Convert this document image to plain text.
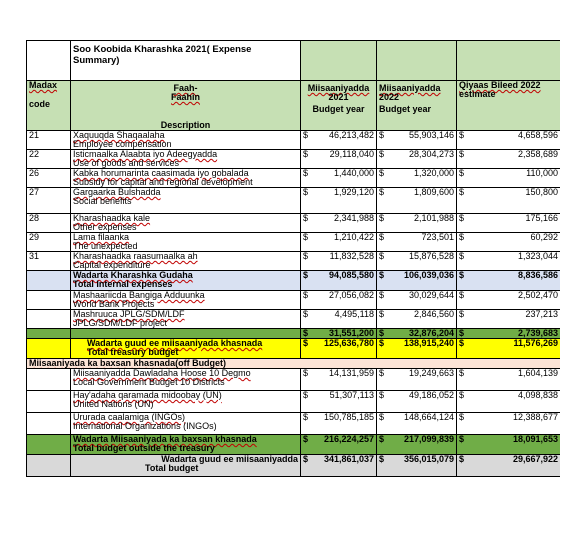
	Soo Koobida Kharashka 2021( Expense Summary)			

Madax
code	Faah-
Faahin
Description	Miisaaniyadda
2021
Budget year	Miisaaniyadda
2022
Budget year	Qiyaas Bileed 2022
estimate

21	Xaquuqda Shaqaalaha
Employee compensation	$ 46,213,482	$ 55,903,146	$ 4,658,596

22	Isticmaalka Alaabta iyo Adeegyadda
Use of goods and services	$ 29,118,040	$ 28,304,273	$ 2,358,689

26	Kabka horumarinta caasimada iyo gobalada
Subsidy for capital and regional development	$ 1,440,000	$ 1,320,000	$ 110,000

27	Gargaarka Bulshadda
Social benefits	$ 1,929,120	$ 1,809,600	$ 150,800

28	Kharashaadka kale
Other expenses	$ 2,341,988	$ 2,101,988	$ 175,166

29	Lama filaanka
The unexpected	$ 1,210,422	$ 723,501	$ 60,292

31	Kharashaadka raasumaalka ah
Capital expenditure	$ 11,832,528	$ 15,876,528	$ 1,323,044

	Wadarta Kharashka Gudaha
Total Internal expenses	$ 94,085,580	$ 106,039,036	$ 8,836,586

	Mashaariicda Bangiga Adduunka
World Bank Projects	$ 27,056,082	$ 30,029,644	$ 2,502,470

	Mashruuca JPLG/SDM/LDF
JPLG/SDM/LDF project	$ 4,495,118	$ 2,846,560	$ 237,213

		$ 31,551,200	$ 32,876,204	$ 2,739,683

	Wadarta guud ee miisaaniyada khasnada
Total treasury budget	$ 125,636,780	$ 138,915,240	$ 11,576,269

Miisaaniyada ka baxsan khasnada(off Budget)				

	Miisaaniyadda Dawladaha Hoose 10 Degmo
Local Government Budget 10 Districts	$ 14,131,959	$ 19,249,663	$ 1,604,139

	Hay'adaha qaramada midoobay (UN)
United Nations (UN)	$ 51,307,113	$ 49,186,052	$ 4,098,838

	Ururada caalamiga (INGOs)
International Organizations (INGOs)	$ 150,785,185	$ 148,664,124	$ 12,388,677

	Wadarta Miisaaniyada ka baxsan khasnada
Total budget outside the treasury	$ 216,224,257	$ 217,099,839	$ 18,091,653

	Wadarta guud ee miisaaniyadda
Total budget	$ 341,861,037	$ 356,015,079	$ 29,667,922
